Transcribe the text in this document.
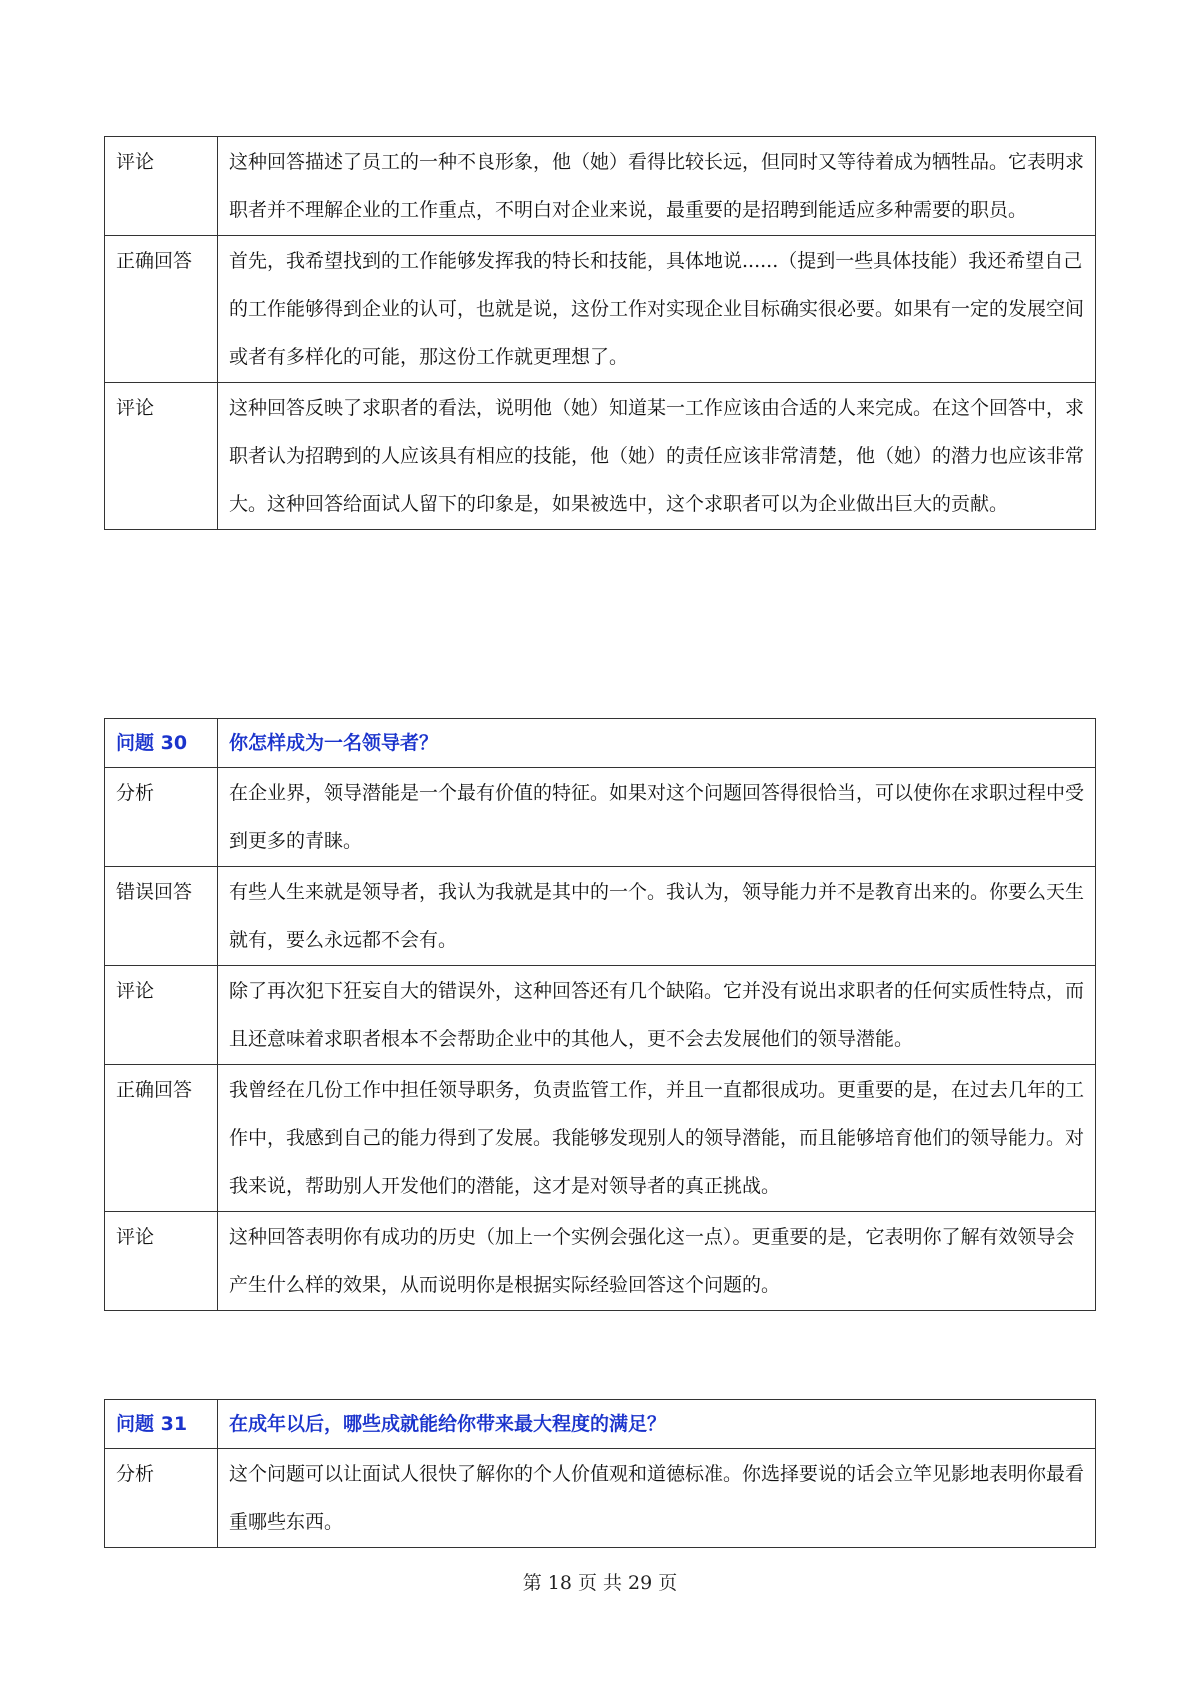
评论	这种回答描述了员工的一种不良形象，他（她）看得比较长远，但同时又等待着成为牺牲品。它表明求职者并不理解企业的工作重点，不明白对企业来说，最重要的是招聘到能适应多种需要的职员。
正确回答	首先，我希望找到的工作能够发挥我的特长和技能，具体地说......（提到一些具体技能）我还希望自己的工作能够得到企业的认可，也就是说，这份工作对实现企业目标确实很必要。如果有一定的发展空间或者有多样化的可能，那这份工作就更理想了。
评论	这种回答反映了求职者的看法，说明他（她）知道某一工作应该由合适的人来完成。在这个回答中，求职者认为招聘到的人应该具有相应的技能，他（她）的责任应该非常清楚，他（她）的潜力也应该非常大。这种回答给面试人留下的印象是，如果被选中，这个求职者可以为企业做出巨大的贡献。
问题 30	你怎样成为一名领导者？
分析	在企业界，领导潜能是一个最有价值的特征。如果对这个问题回答得很恰当，可以使你在求职过程中受到更多的青睐。
错误回答	有些人生来就是领导者，我认为我就是其中的一个。我认为，领导能力并不是教育出来的。你要么天生就有，要么永远都不会有。
评论	除了再次犯下狂妄自大的错误外，这种回答还有几个缺陷。它并没有说出求职者的任何实质性特点，而且还意味着求职者根本不会帮助企业中的其他人，更不会去发展他们的领导潜能。
正确回答	我曾经在几份工作中担任领导职务，负责监管工作，并且一直都很成功。更重要的是，在过去几年的工作中，我感到自己的能力得到了发展。我能够发现别人的领导潜能，而且能够培育他们的领导能力。对我来说，帮助别人开发他们的潜能，这才是对领导者的真正挑战。
评论	这种回答表明你有成功的历史（加上一个实例会强化这一点）。更重要的是，它表明你了解有效领导会产生什么样的效果，从而说明你是根据实际经验回答这个问题的。
问题 31	在成年以后，哪些成就能给你带来最大程度的满足？
分析	这个问题可以让面试人很快了解你的个人价值观和道德标准。你选择要说的话会立竿见影地表明你最看重哪些东西。
第 18 页 共 29 页
